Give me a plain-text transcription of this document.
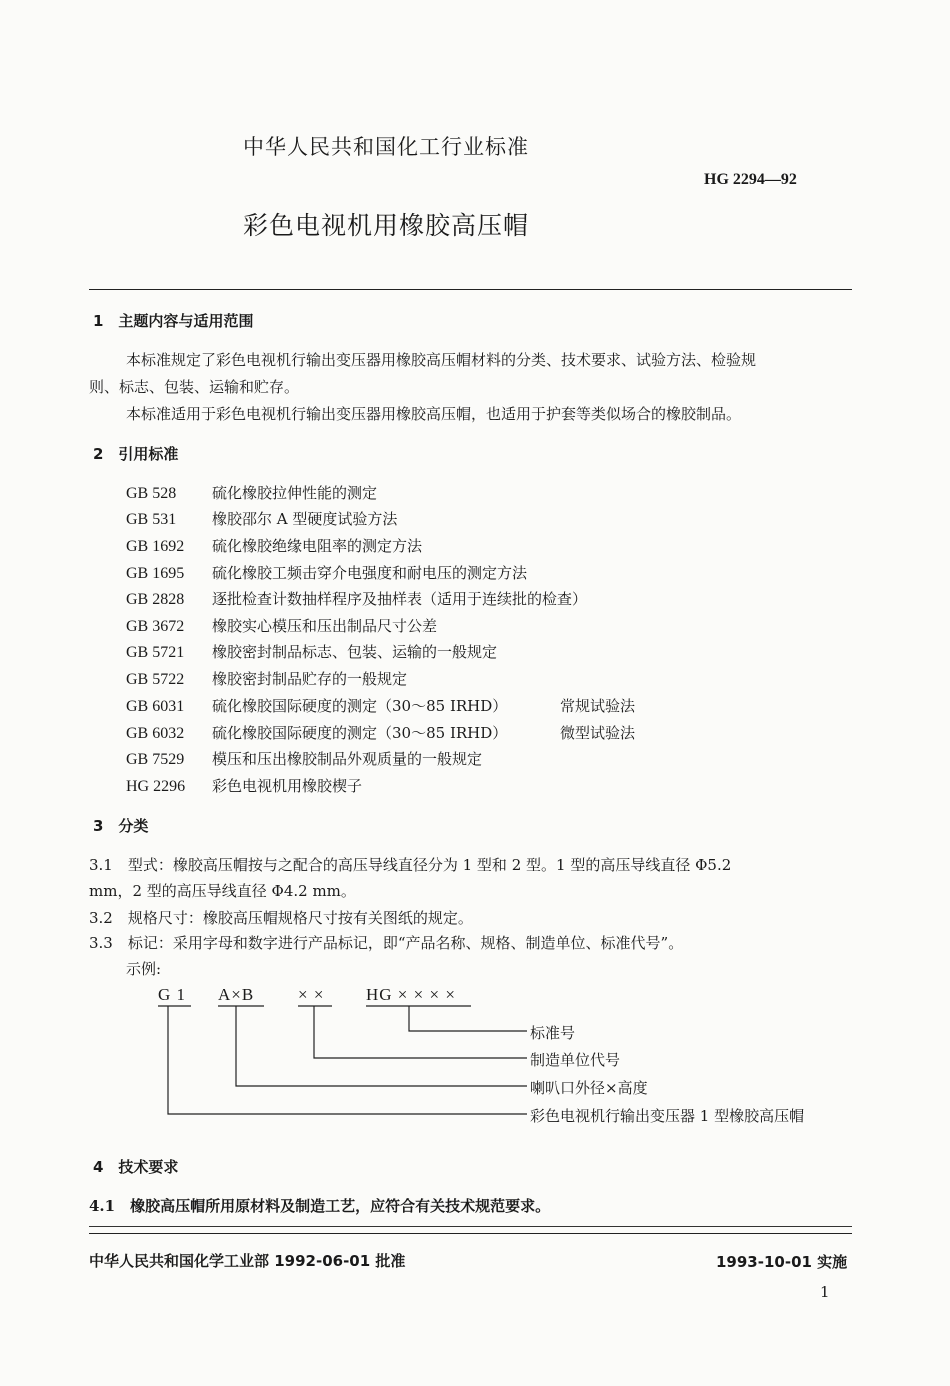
中华人民共和国化工行业标准
HG 2294—92
彩色电视机用橡胶高压帽
1　主题内容与适用范围
本标准规定了彩色电视机行输出变压器用橡胶高压帽材料的分类、技术要求、试验方法、检验规
则、标志、包装、运输和贮存。
本标准适用于彩色电视机行输出变压器用橡胶高压帽，也适用于护套等类似场合的橡胶制品。
2　引用标准
GB 528 硫化橡胶拉伸性能的测定
GB 531 橡胶邵尔 A 型硬度试验方法
GB 1692 硫化橡胶绝缘电阻率的测定方法
GB 1695 硫化橡胶工频击穿介电强度和耐电压的测定方法
GB 2828 逐批检查计数抽样程序及抽样表（适用于连续批的检查）
GB 3672 橡胶实心模压和压出制品尺寸公差
GB 5721 橡胶密封制品标志、包装、运输的一般规定
GB 5722 橡胶密封制品贮存的一般规定
GB 6031 硫化橡胶国际硬度的测定（30～85 IRHD）	常规试验法
GB 6032 硫化橡胶国际硬度的测定（30～85 IRHD）	微型试验法
GB 7529 模压和压出橡胶制品外观质量的一般规定
HG 2296 彩色电视机用橡胶楔子
3　分类
3.1　型式：橡胶高压帽按与之配合的高压导线直径分为 1 型和 2 型。1 型的高压导线直径 Φ5.2
mm，2 型的高压导线直径 Φ4.2 mm。
3.2　规格尺寸：橡胶高压帽规格尺寸按有关图纸的规定。
3.3　标记：采用字母和数字进行产品标记，即“产品名称、规格、制造单位、标准代号”。
示例:
G 1 A×B	× × HG × × × ×
标准号
制造单位代号
喇叭口外径×高度
彩色电视机行输出变压器 1 型橡胶高压帽
4　技术要求
4.1　橡胶高压帽所用原材料及制造工艺，应符合有关技术规范要求。
中华人民共和国化学工业部 1992-06-01 批准	1993-10-01 实施
1
